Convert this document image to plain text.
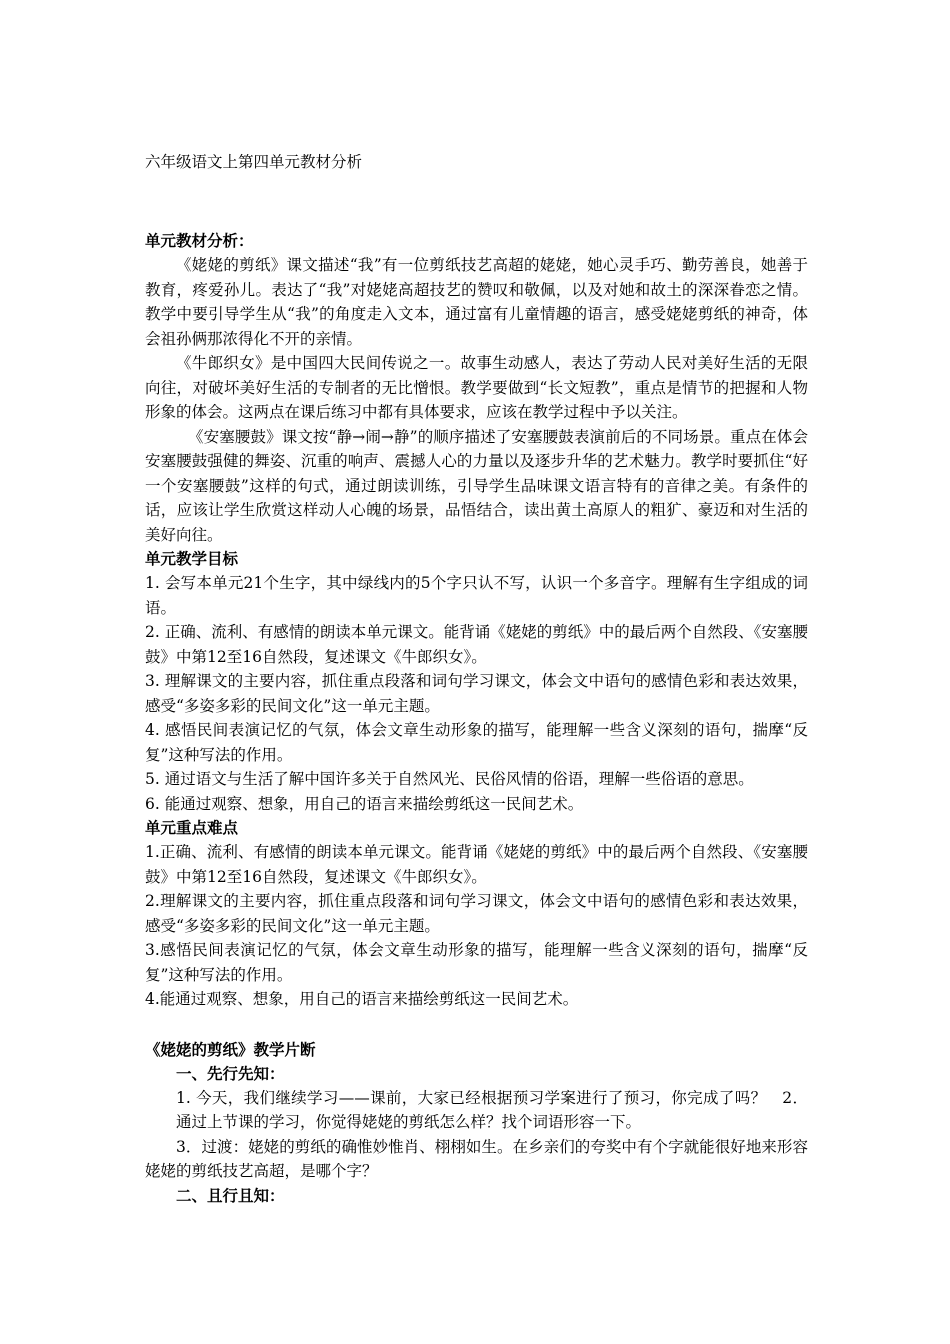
六年级语文上第四单元教材分析

单元教材分析：

《姥姥的剪纸》课文描述“我”有一位剪纸技艺高超的姥姥，她心灵手巧、勤劳善良，她善于教育，疼爱孙儿。表达了“我”对姥姥高超技艺的赞叹和敬佩，以及对她和故土的深深眷恋之情。教学中要引导学生从“我”的角度走入文本，通过富有儿童情趣的语言，感受姥姥剪纸的神奇，体会祖孙俩那浓得化不开的亲情。

《牛郎织女》是中国四大民间传说之一。故事生动感人，表达了劳动人民对美好生活的无限向往，对破坏美好生活的专制者的无比憎恨。教学要做到“长文短教”，重点是情节的把握和人物形象的体会。这两点在课后练习中都有具体要求，应该在教学过程中予以关注。

《安塞腰鼓》课文按“静→闹→静”的顺序描述了安塞腰鼓表演前后的不同场景。重点在体会安塞腰鼓强健的舞姿、沉重的响声、震撼人心的力量以及逐步升华的艺术魅力。教学时要抓住“好一个安塞腰鼓”这样的句式，通过朗读训练，引导学生品味课文语言特有的音律之美。有条件的话，应该让学生欣赏这样动人心魄的场景，品悟结合，读出黄土高原人的粗犷、豪迈和对生活的美好向往。

单元教学目标

1. 会写本单元21个生字，其中绿线内的5个字只认不写，认识一个多音字。理解有生字组成的词语。

2. 正确、流利、有感情的朗读本单元课文。能背诵《姥姥的剪纸》中的最后两个自然段、《安塞腰鼓》中第12至16自然段，复述课文《牛郎织女》。

3. 理解课文的主要内容，抓住重点段落和词句学习课文，体会文中语句的感情色彩和表达效果，感受“多姿多彩的民间文化”这一单元主题。

4. 感悟民间表演记忆的气氛，体会文章生动形象的描写，能理解一些含义深刻的语句，揣摩“反复”这种写法的作用。

5. 通过语文与生活了解中国许多关于自然风光、民俗风情的俗语，理解一些俗语的意思。

6. 能通过观察、想象，用自己的语言来描绘剪纸这一民间艺术。

单元重点难点

1.正确、流利、有感情的朗读本单元课文。能背诵《姥姥的剪纸》中的最后两个自然段、《安塞腰鼓》中第12至16自然段，复述课文《牛郎织女》。

2.理解课文的主要内容，抓住重点段落和词句学习课文，体会文中语句的感情色彩和表达效果，感受“多姿多彩的民间文化”这一单元主题。

3.感悟民间表演记忆的气氛，体会文章生动形象的描写，能理解一些含义深刻的语句，揣摩“反复”这种写法的作用。

4.能通过观察、想象，用自己的语言来描绘剪纸这一民间艺术。

《姥姥的剪纸》教学片断

一、先行先知：

1. 今天，我们继续学习——课前，大家已经根据预习学案进行了预习，你完成了吗？　2．通过上节课的学习，你觉得姥姥的剪纸怎么样？找个词语形容一下。

3．过渡：姥姥的剪纸的确惟妙惟肖、栩栩如生。在乡亲们的夸奖中有个字就能很好地来形容姥姥的剪纸技艺高超，是哪个字？

二、且行且知：
